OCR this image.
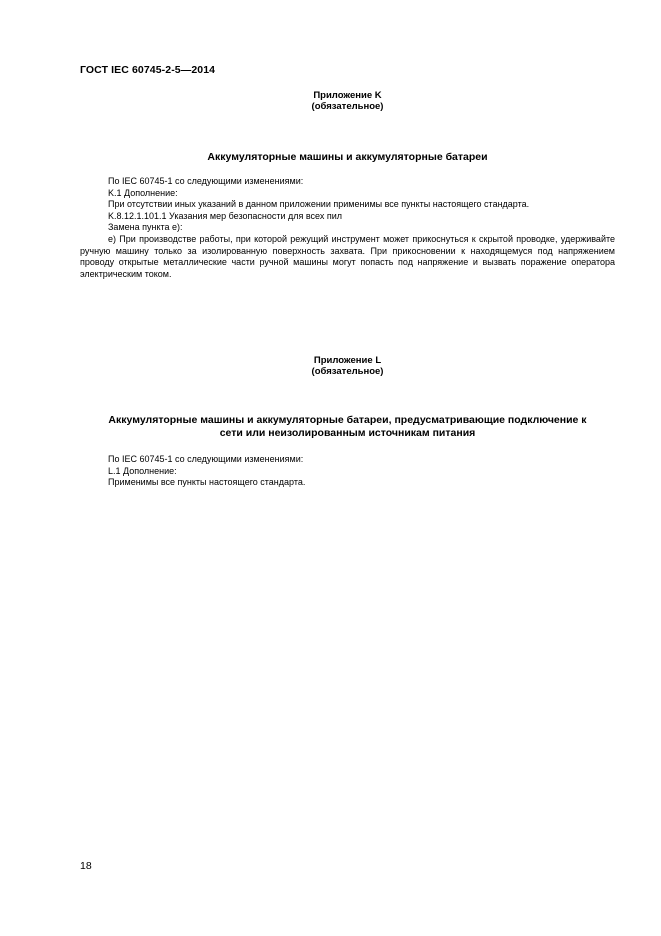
ГОСТ IEC 60745-2-5—2014
Приложение K
(обязательное)
Аккумуляторные машины и аккумуляторные батареи

По IEC 60745-1 со следующими изменениями:

K.1 Дополнение:

При отсутствии иных указаний в данном приложении применимы все пункты настоящего стандарта.

K.8.12.1.101.1 Указания мер безопасности для всех пил

Замена пункта е):

е) При производстве работы, при которой режущий инструмент может прикоснуться к скрытой проводке, удерживайте ручную машину только за изолированную поверхность захвата. При прикосновении к находящемуся под напряжением проводу открытые металлические части ручной машины могут попасть под напряжение и вызвать поражение оператора электрическим током.

Приложение L
(обязательное)
Аккумуляторные машины и аккумуляторные батареи, предусматривающие подключение к
сети или неизолированным источникам питания

По IEC 60745-1 со следующими изменениями:

L.1 Дополнение:

Применимы все пункты настоящего стандарта.

18
